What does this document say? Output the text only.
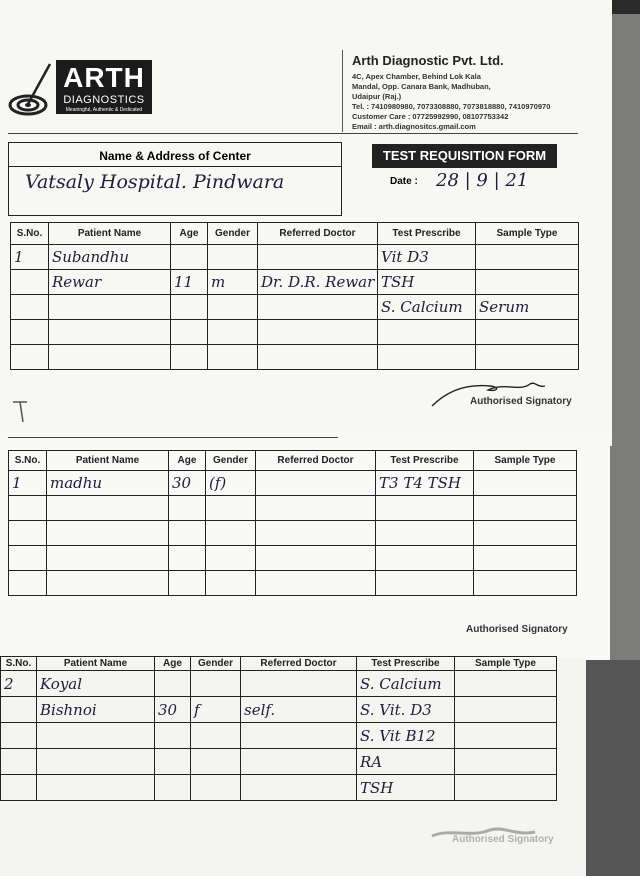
ARTH
DIAGNOSTICS
Meaningful, Authentic & Dedicated
Arth Diagnostic Pvt. Ltd.
4C, Apex Chamber, Behind Lok Kala
Mandal, Opp. Canara Bank, Madhuban,
Udaipur (Raj.)
Tel. : 7410980980, 7073308880, 7073818880, 7410970970
Customer Care : 07725992990, 08107753342
Email : arth.diagnositcs.gmail.com
Name & Address of Center
Vatsaly Hospital. Pindwara
TEST REQUISITION FORM
Date : 28 | 9 | 21
S.No.	Patient Name	Age	Gender	Referred Doctor	Test Prescribe	Sample Type
1	Subandhu				Vit D3	
	Rewar	11	m	Dr. D.R. Rewar	TSH	
					S. Calcium	Serum

Authorised Signatory
S.No.	Patient Name	Age	Gender	Referred Doctor	Test Prescribe	Sample Type
1	madhu	30	(f)		T3 T4 TSH	

Authorised Signatory
S.No.	Patient Name	Age	Gender	Referred Doctor	Test Prescribe	Sample Type
2	Koyal				S. Calcium	
	Bishnoi	30	f	self.	S. Vit. D3	
					S. Vit B12	
					RA	
					TSH	
Authorised Signatory
